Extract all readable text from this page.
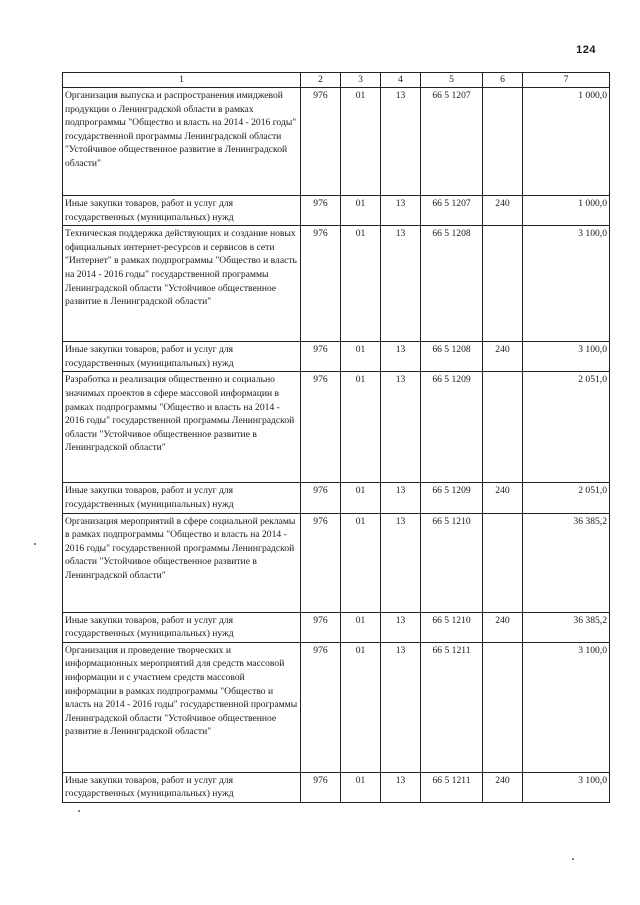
124
1	2	3	4	5	6	7
Организация выпуска и распространения имиджевой продукции о Ленинградской области в рамках подпрограммы "Общество и власть на 2014 - 2016 годы" государственной программы Ленинградской области "Устойчивое общественное развитие в Ленинградской области"	976	01	13	66 5 1207		1 000,0
Иные закупки товаров, работ и услуг для государственных (муниципальных) нужд	976	01	13	66 5 1207	240	1 000,0
Техническая поддержка действующих и создание новых официальных интернет-ресурсов и сервисов в сети "Интернет" в рамках подпрограммы "Общество и власть на 2014 - 2016 годы" государственной программы Ленинградской области "Устойчивое общественное развитие в Ленинградской области"	976	01	13	66 5 1208		3 100,0
Иные закупки товаров, работ и услуг для государственных (муниципальных) нужд	976	01	13	66 5 1208	240	3 100,0
Разработка и реализация общественно и социально значимых проектов в сфере массовой информации в рамках подпрограммы "Общество и власть на 2014 - 2016 годы" государственной программы Ленинградской области "Устойчивое общественное развитие в Ленинградской области"	976	01	13	66 5 1209		2 051,0
Иные закупки товаров, работ и услуг для государственных (муниципальных) нужд	976	01	13	66 5 1209	240	2 051,0
Организация мероприятий в сфере социальной рекламы в рамках подпрограммы "Общество и власть на 2014 - 2016 годы" государственной программы Ленинградской области "Устойчивое общественное развитие в Ленинградской области"	976	01	13	66 5 1210		36 385,2
Иные закупки товаров, работ и услуг для государственных (муниципальных) нужд	976	01	13	66 5 1210	240	36 385,2
Организация и проведение творческих и информационных мероприятий для средств массовой информации и с участием средств массовой информации в рамках подпрограммы "Общество и власть на 2014 - 2016 годы" государственной программы Ленинградской области "Устойчивое общественное развитие в Ленинградской области"	976	01	13	66 5 1211		3 100,0
Иные закупки товаров, работ и услуг для государственных (муниципальных) нужд	976	01	13	66 5 1211	240	3 100,0
